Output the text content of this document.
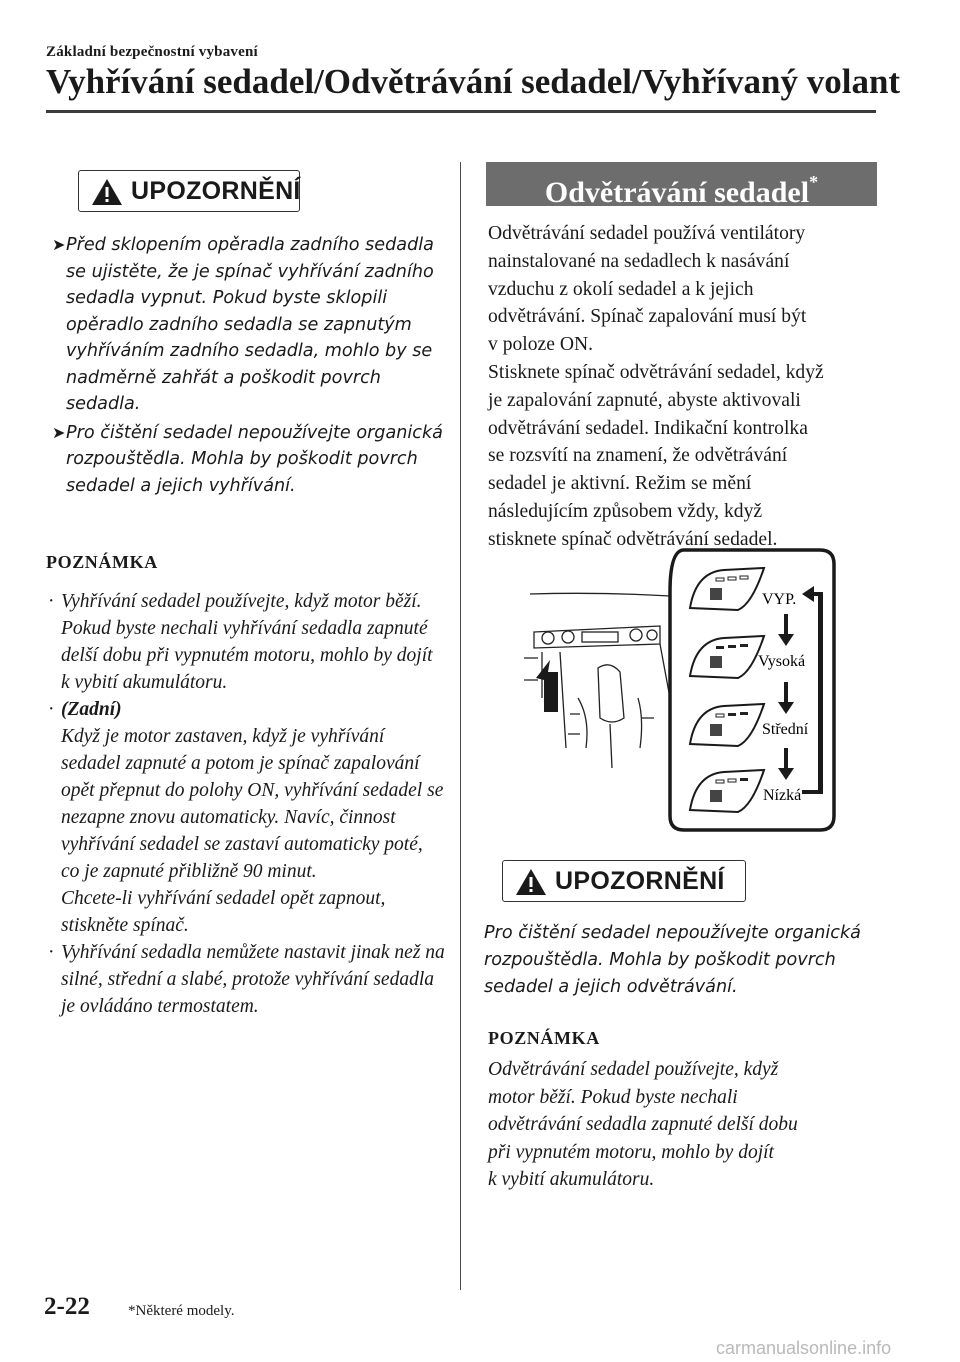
Základní bezpečnostní vybavení
Vyhřívání sedadel/Odvětrávání sedadel/Vyhřívaný volant
UPOZORNĚNÍ
➤ Před sklopením opěradla zadního sedadla se ujistěte, že je spínač vyhřívání zadního sedadla vypnut. Pokud byste sklopili opěradlo zadního sedadla se zapnutým vyhříváním zadního sedadla, mohlo by se nadměrně zahřát a poškodit povrch sedadla.
➤ Pro čištění sedadel nepoužívejte organická rozpouštědla. Mohla by poškodit povrch sedadel a jejich vyhřívání.
POZNÁMKA
· Vyhřívání sedadel používejte, když motor běží. Pokud byste nechali vyhřívání sedadla zapnuté delší dobu při vypnutém motoru, mohlo by dojít k vybití akumulátoru.
· (Zadní)
Když je motor zastaven, když je vyhřívání sedadel zapnuté a potom je spínač zapalování opět přepnut do polohy ON, vyhřívání sedadel se nezapne znovu automaticky. Navíc, činnost vyhřívání sedadel se zastaví automaticky poté, co je zapnuté přibližně 90 minut.
Chcete-li vyhřívání sedadel opět zapnout, stiskněte spínač.
· Vyhřívání sedadla nemůžete nastavit jinak než na silné, střední a slabé, protože vyhřívání sedadla je ovládáno termostatem.
Odvětrávání sedadel*
Odvětrávání sedadel používá ventilátory
nainstalované na sedadlech k nasávání
vzduchu z okolí sedadel a k jejich
odvětrávání. Spínač zapalování musí být
v poloze ON.
Stisknete spínač odvětrávání sedadel, když
je zapalování zapnuté, abyste aktivovali
odvětrávání sedadel. Indikační kontrolka
se rozsvítí na znamení, že odvětrávání
sedadel je aktivní. Režim se mění
následujícím způsobem vždy, když
stisknete spínač odvětrávání sedadel.
VYP.
Vysoká
Střední
Nízká
UPOZORNĚNÍ
Pro čištění sedadel nepoužívejte organická rozpouštědla. Mohla by poškodit povrch sedadel a jejich odvětrávání.
POZNÁMKA
Odvětrávání sedadel používejte, když
motor běží. Pokud byste nechali
odvětrávání sedadla zapnuté delší dobu
při vypnutém motoru, mohlo by dojít
k vybití akumulátoru.
2-22	*Některé modely.
carmanualsonline.info
